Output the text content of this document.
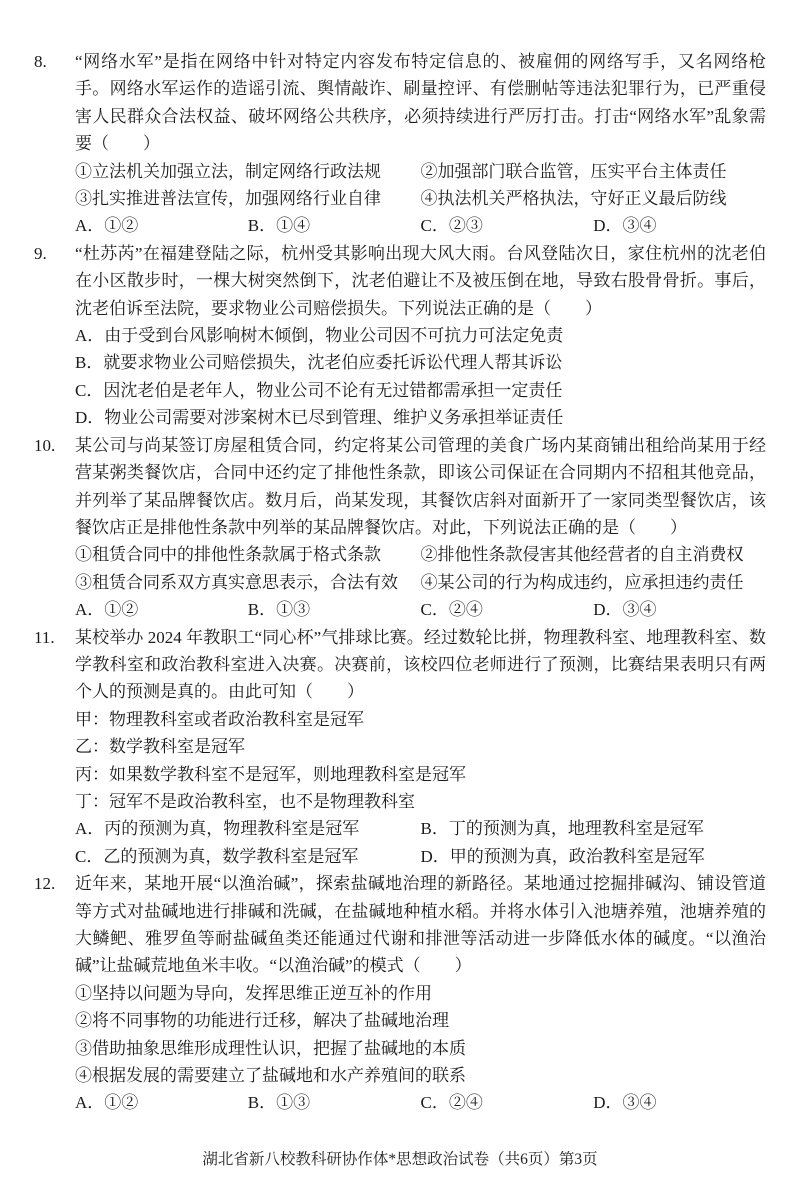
8.	“网络水军”是指在网络中针对特定内容发布特定信息的、被雇佣的网络写手，又名网络枪手。网络水军运作的造谣引流、舆情敲诈、刷量控评、有偿删帖等违法犯罪行为，已严重侵害人民群众合法权益、破坏网络公共秩序，必须持续进行严厉打击。打击“网络水军”乱象需要（　　）
①立法机关加强立法，制定网络行政法规	②加强部门联合监管，压实平台主体责任
③扎实推进普法宣传，加强网络行业自律	④执法机关严格执法，守好正义最后防线
A．①②	B．①④	C．②③	D．③④
9.	“杜苏芮”在福建登陆之际，杭州受其影响出现大风大雨。台风登陆次日，家住杭州的沈老伯在小区散步时，一棵大树突然倒下，沈老伯避让不及被压倒在地，导致右股骨骨折。事后，沈老伯诉至法院，要求物业公司赔偿损失。下列说法正确的是（　　）
A．由于受到台风影响树木倾倒，物业公司因不可抗力可法定免责
B．就要求物业公司赔偿损失，沈老伯应委托诉讼代理人帮其诉讼
C．因沈老伯是老年人，物业公司不论有无过错都需承担一定责任
D．物业公司需要对涉案树木已尽到管理、维护义务承担举证责任
10.	某公司与尚某签订房屋租赁合同，约定将某公司管理的美食广场内某商铺出租给尚某用于经营某粥类餐饮店，合同中还约定了排他性条款，即该公司保证在合同期内不招租其他竞品，并列举了某品牌餐饮店。数月后，尚某发现，其餐饮店斜对面新开了一家同类型餐饮店，该餐饮店正是排他性条款中列举的某品牌餐饮店。对此，下列说法正确的是（　　）
①租赁合同中的排他性条款属于格式条款	②排他性条款侵害其他经营者的自主消费权
③租赁合同系双方真实意思表示，合法有效	④某公司的行为构成违约，应承担违约责任
A．①②	B．①③	C．②④	D．③④
11.	某校举办 2024 年教职工“同心杯”气排球比赛。经过数轮比拼，物理教科室、地理教科室、数学教科室和政治教科室进入决赛。决赛前，该校四位老师进行了预测，比赛结果表明只有两个人的预测是真的。由此可知（　　）
甲：物理教科室或者政治教科室是冠军
乙：数学教科室是冠军
丙：如果数学教科室不是冠军，则地理教科室是冠军
丁：冠军不是政治教科室，也不是物理教科室
A．丙的预测为真，物理教科室是冠军	B．丁的预测为真，地理教科室是冠军
C．乙的预测为真，数学教科室是冠军	D．甲的预测为真，政治教科室是冠军
12.	近年来，某地开展“以渔治碱”，探索盐碱地治理的新路径。某地通过挖掘排碱沟、铺设管道等方式对盐碱地进行排碱和洗碱，在盐碱地种植水稻。并将水体引入池塘养殖，池塘养殖的大鳞鲃、雅罗鱼等耐盐碱鱼类还能通过代谢和排泄等活动进一步降低水体的碱度。“以渔治碱”让盐碱荒地鱼米丰收。“以渔治碱”的模式（　　）
①坚持以问题为导向，发挥思维正逆互补的作用
②将不同事物的功能进行迁移，解决了盐碱地治理
③借助抽象思维形成理性认识，把握了盐碱地的本质
④根据发展的需要建立了盐碱地和水产养殖间的联系
A．①②	B．①③	C．②④	D．③④
湖北省新八校教科研协作体*思想政治试卷（共6页）第3页
